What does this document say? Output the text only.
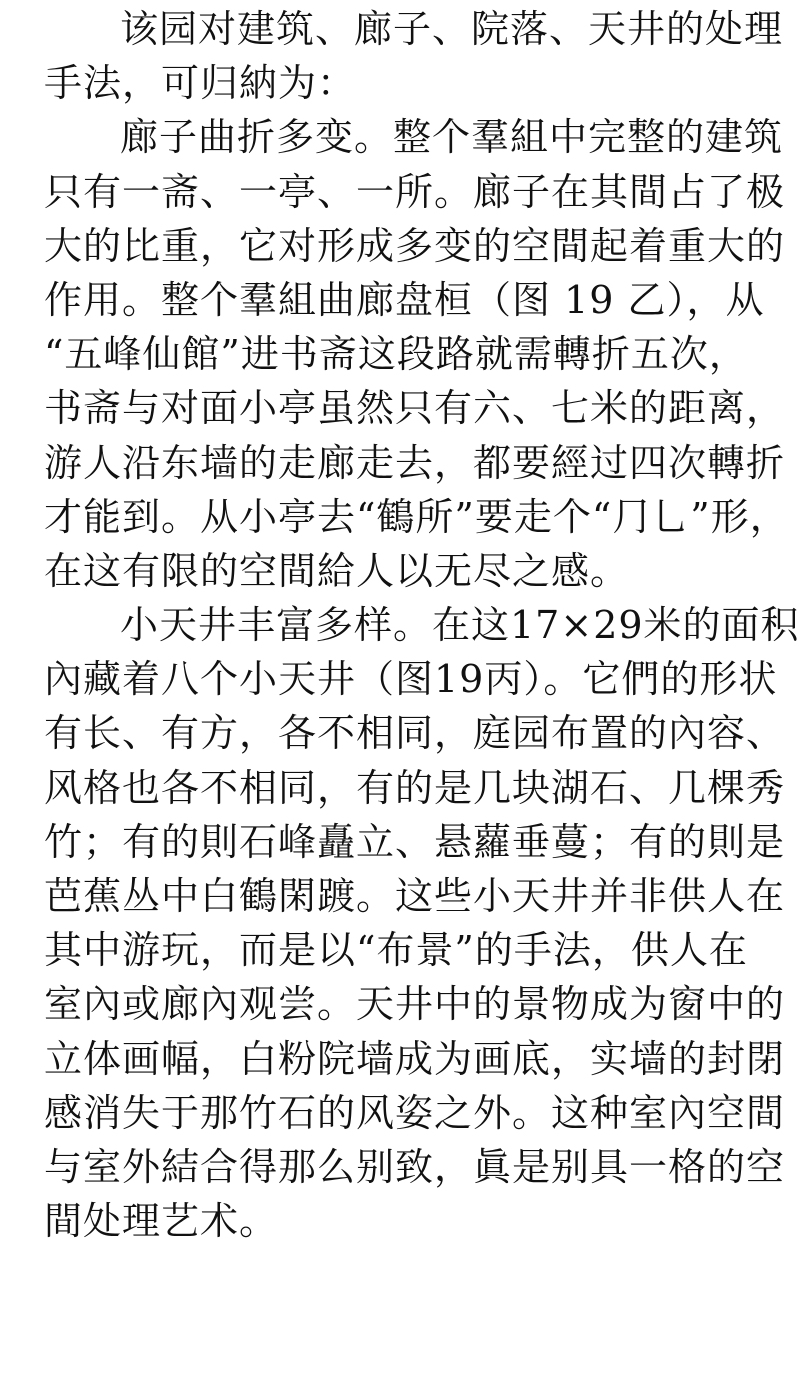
该园对建筑、廊子、院落、天井的处理
手法，可归納为：
廊子曲折多变。整个羣組中完整的建筑
只有一斋、一亭、一所。廊子在其間占了极
大的比重，它对形成多变的空間起着重大的
作用。整个羣組曲廊盘桓（图 19 乙），从
“五峰仙館”进书斋这段路就需轉折五次，
书斋与对面小亭虽然只有六、七米的距离，
游人沿东墙的走廊走去，都要經过四次轉折
才能到。从小亭去“鶴所”要走个“⺆⺃”形，
在这有限的空間給人以无尽之感。
小天井丰富多样。在这17×29米的面积
內藏着八个小天井（图19丙）。它們的形状
有长、有方，各不相同，庭园布置的內容、
风格也各不相同，有的是几块湖石、几棵秀
竹；有的則石峰矗立、悬蘿垂蔓；有的則是
芭蕉丛中白鶴閑踱。这些小天井并非供人在
其中游玩，而是以“布景”的手法，供人在
室內或廊內观尝。天井中的景物成为窗中的
立体画幅，白粉院墙成为画底，实墙的封閉
感消失于那竹石的风姿之外。这种室內空間
与室外結合得那么别致，眞是别具一格的空
間处理艺术。
